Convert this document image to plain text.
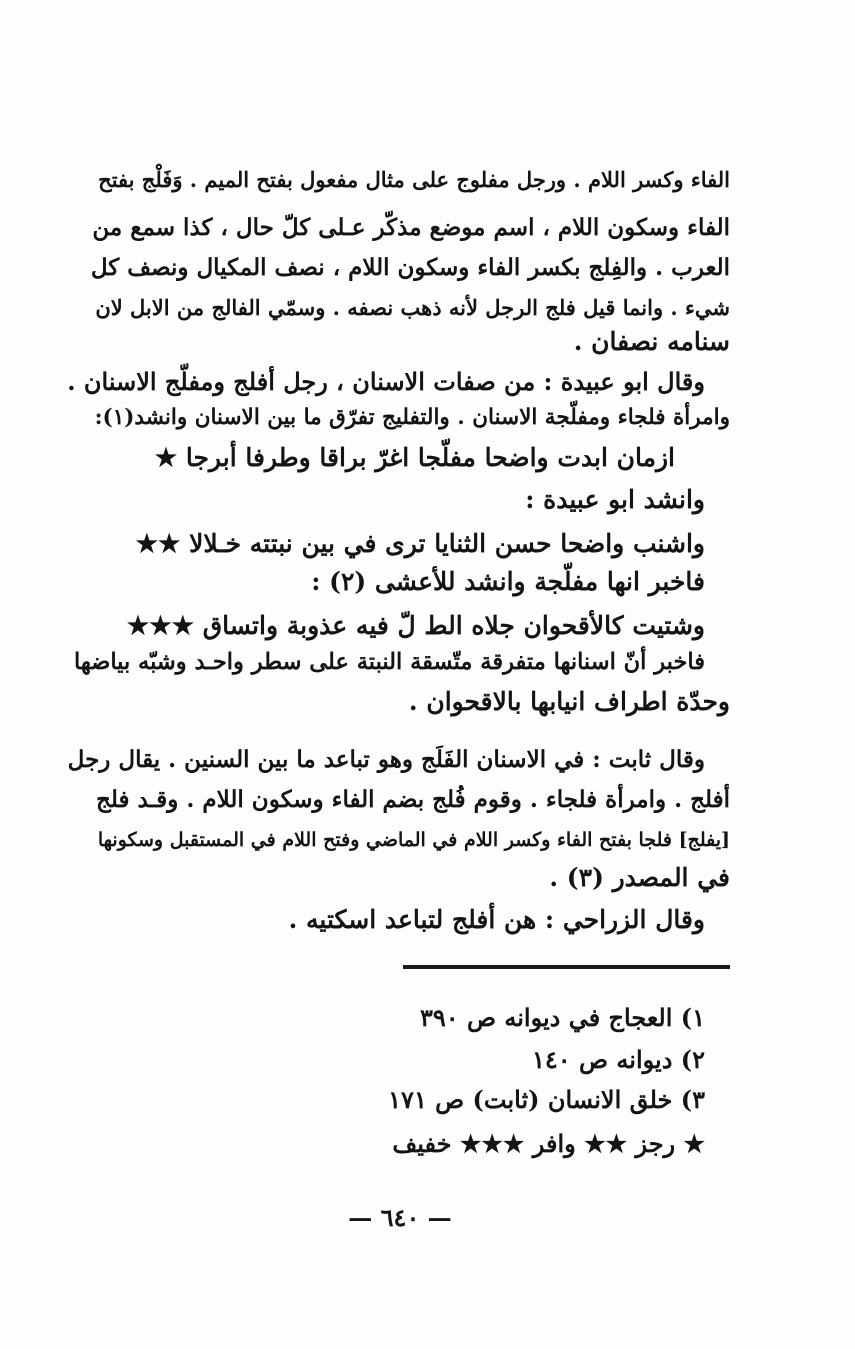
الفاء وكسر اللام . ورجل مفلوج على مثال مفعول بفتح الميم . وَفَلْج بفتح
الفاء وسكون اللام ، اسم موضع مذكّر عـلى كلّ حال ، كذا سمع من
العرب . والفِلج بكسر الفاء وسكون اللام ، نصف المكيال ونصف كل
شيء . وانما قيل فلج الرجل لأنه ذهب نصفه . وسمّي الفالج من الابل لان
سنامه نصفان .
وقال ابو عبيدة : من صفات الاسنان ، رجل أفلج ومفلّج الاسنان .
وامرأة فلجاء ومفلّجة الاسنان . والتفليج تفرّق ما بين الاسنان وانشد(١):
ازمان ابدت واضحا مفلّجا اغرّ براقا وطرفا أبرجا ★
وانشد ابو عبيدة :
واشنب واضحا حسن الثنايا ترى في بين نبتته خـلالا ★★
فاخبر انها مفلّجة وانشد للأعشى (٢) :
وشتيت كالأقحوان جلاه الط لّ فيه عذوبة واتساق ★★★
فاخبر أنّ اسنانها متفرقة متّسقة النبتة على سطر واحـد وشبّه بياضها
وحدّة اطراف انيابها بالاقحوان .
وقال ثابت : في الاسنان الفَلَج وهو تباعد ما بين السنين . يقال رجل
أفلج . وامرأة فلجاء . وقوم فُلج بضم الفاء وسكون اللام . وقـد فلج
[يفلج] فلجا بفتح الفاء وكسر اللام في الماضي وفتح اللام في المستقبل وسكونها
في المصدر (٣) .
وقال الزراحي : هن أفلج لتباعد اسكتيه .
١) العجاج في ديوانه ص ٣٩٠
٢) ديوانه ص ١٤٠
٣) خلق الانسان (ثابت) ص ١٧١
★ رجز ★★ وافر ★★★ خفيف
— ٦٤٠ —
